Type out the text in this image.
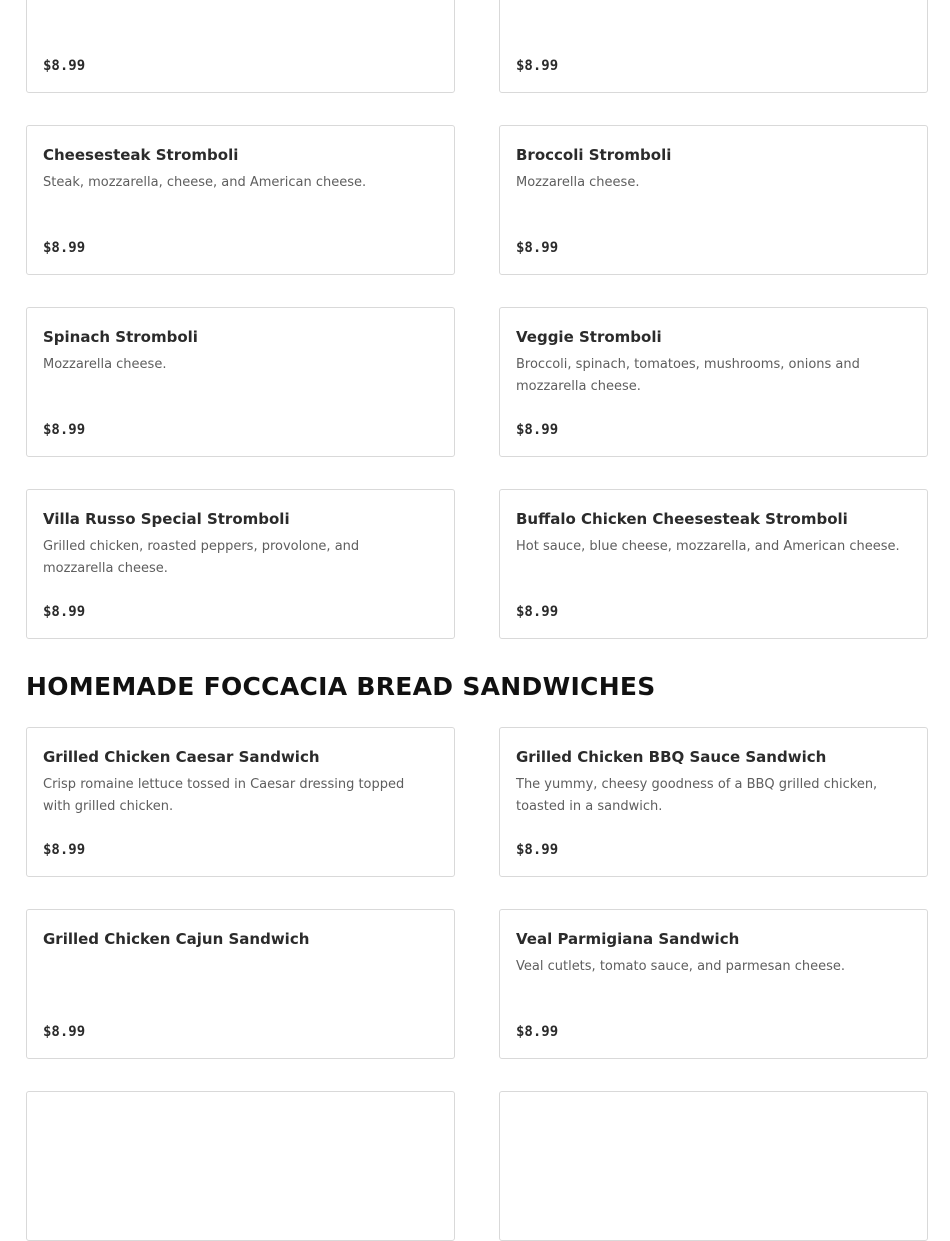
$8.99	$8.99
Cheesesteak Stromboli
Steak, mozzarella, cheese, and American cheese.
$8.99
Broccoli Stromboli
Mozzarella cheese.
$8.99
Spinach Stromboli
Mozzarella cheese.
$8.99
Veggie Stromboli
Broccoli, spinach, tomatoes, mushrooms, onions and mozzarella cheese.
$8.99
Villa Russo Special Stromboli
Grilled chicken, roasted peppers, provolone, and mozzarella cheese.
$8.99
Buffalo Chicken Cheesesteak Stromboli
Hot sauce, blue cheese, mozzarella, and American cheese.
$8.99
HOMEMADE FOCCACIA BREAD SANDWICHES
Grilled Chicken Caesar Sandwich
Crisp romaine lettuce tossed in Caesar dressing topped with grilled chicken.
$8.99
Grilled Chicken BBQ Sauce Sandwich
The yummy, cheesy goodness of a BBQ grilled chicken, toasted in a sandwich.
$8.99
Grilled Chicken Cajun Sandwich
$8.99
Veal Parmigiana Sandwich
Veal cutlets, tomato sauce, and parmesan cheese.
$8.99
